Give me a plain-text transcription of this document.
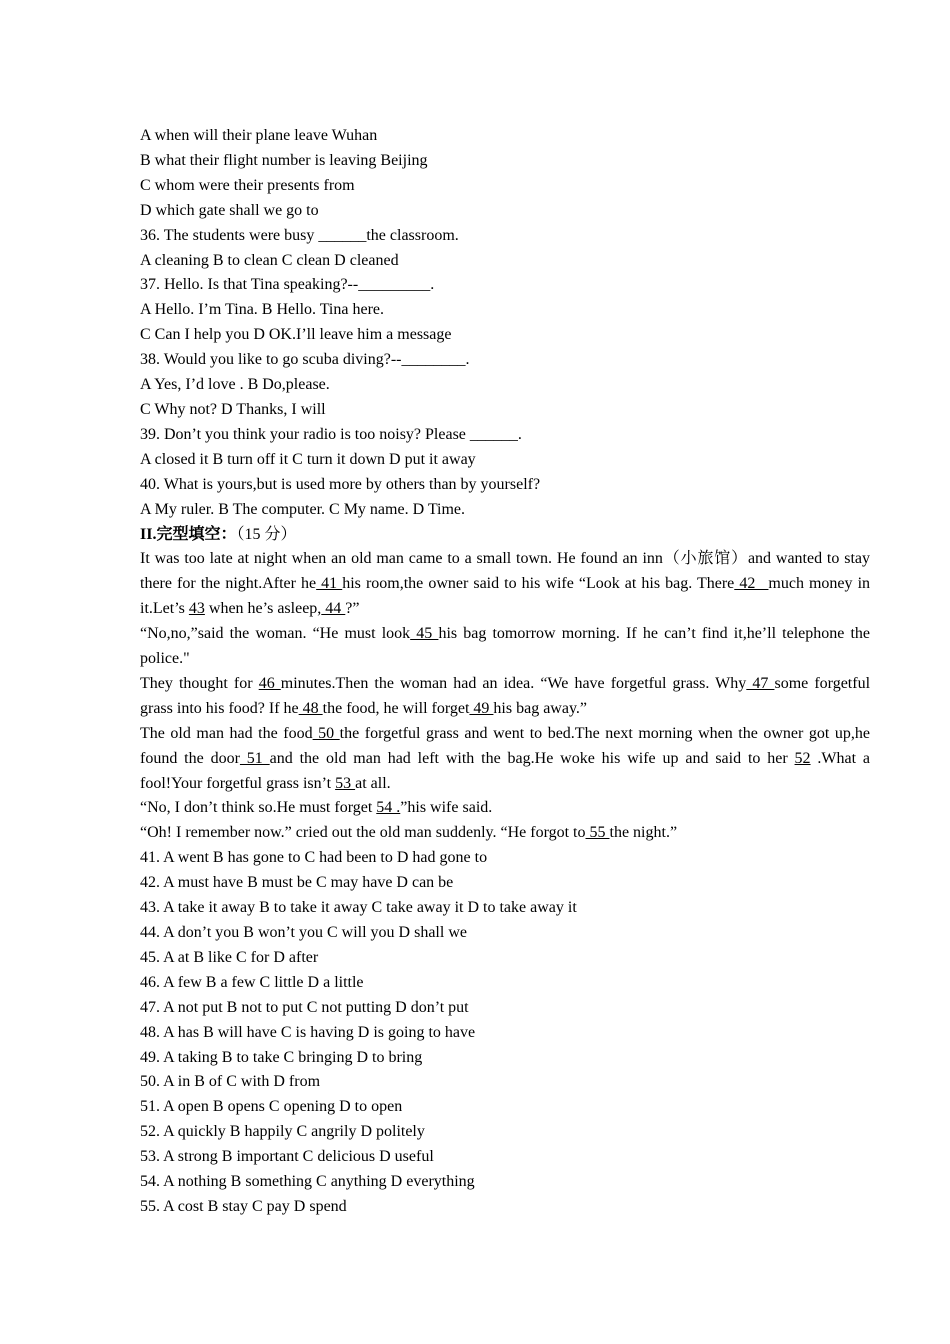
A when will their plane leave Wuhan
B what their flight number is leaving Beijing
C whom were their presents from
D which gate shall we go to
36. The students were busy ______the classroom.
A cleaning B to clean C clean D cleaned
37. Hello. Is that Tina speaking?--_________.
A Hello. I’m Tina. B Hello. Tina here.
C Can I help you D OK.I’ll leave him a message
38. Would you like to go scuba diving?--________.
A Yes, I’d love . B Do,please.
C Why not? D Thanks, I will
39. Don’t you think your radio is too noisy? Please ______.
A closed it B turn off it C turn it down D put it away
40. What is yours,but is used more by others than by yourself?
A My ruler. B The computer. C My name. D Time.
II.完型填空：（15 分）
It was too late at night when an old man came to a small town. He found an inn（小旅馆）and wanted to stay there for the night.After he 41 his room,the owner said to his wife “Look at his bag. There 42 _much money in it.Let’s 43 when he’s asleep, 44 ?”
“No,no,”said the woman. “He must look 45 his bag tomorrow morning. If he can’t find it,he’ll telephone the police."
They thought for 46 minutes.Then the woman had an idea. “We have forgetful grass. Why 47 some forgetful grass into his food? If he 48 the food, he will forget 49 his bag away.”
The old man had the food 50 the forgetful grass and went to bed.The next morning when the owner got up,he found the door 51 and the old man had left with the bag.He woke his wife up and said to her 52 .What a fool!Your forgetful grass isn’t 53 at all.
“No, I don’t think so.He must forget 54 .”his wife said.
“Oh! I remember now.” cried out the old man suddenly. “He forgot to 55 the night.”
41. A went B has gone to C had been to D had gone to
42. A must have B must be C may have D can be
43. A take it away B to take it away C take away it D to take away it
44. A don’t you B won’t you C will you D shall we
45. A at B like C for D after
46. A few B a few C little D a little
47. A not put B not to put C not putting D don’t put
48. A has B will have C is having D is going to have
49. A taking B to take C bringing D to bring
50. A in B of C with D from
51. A open B opens C opening D to open
52. A quickly B happily C angrily D politely
53. A strong B important C delicious D useful
54. A nothing B something C anything D everything
55. A cost B stay C pay D spend
